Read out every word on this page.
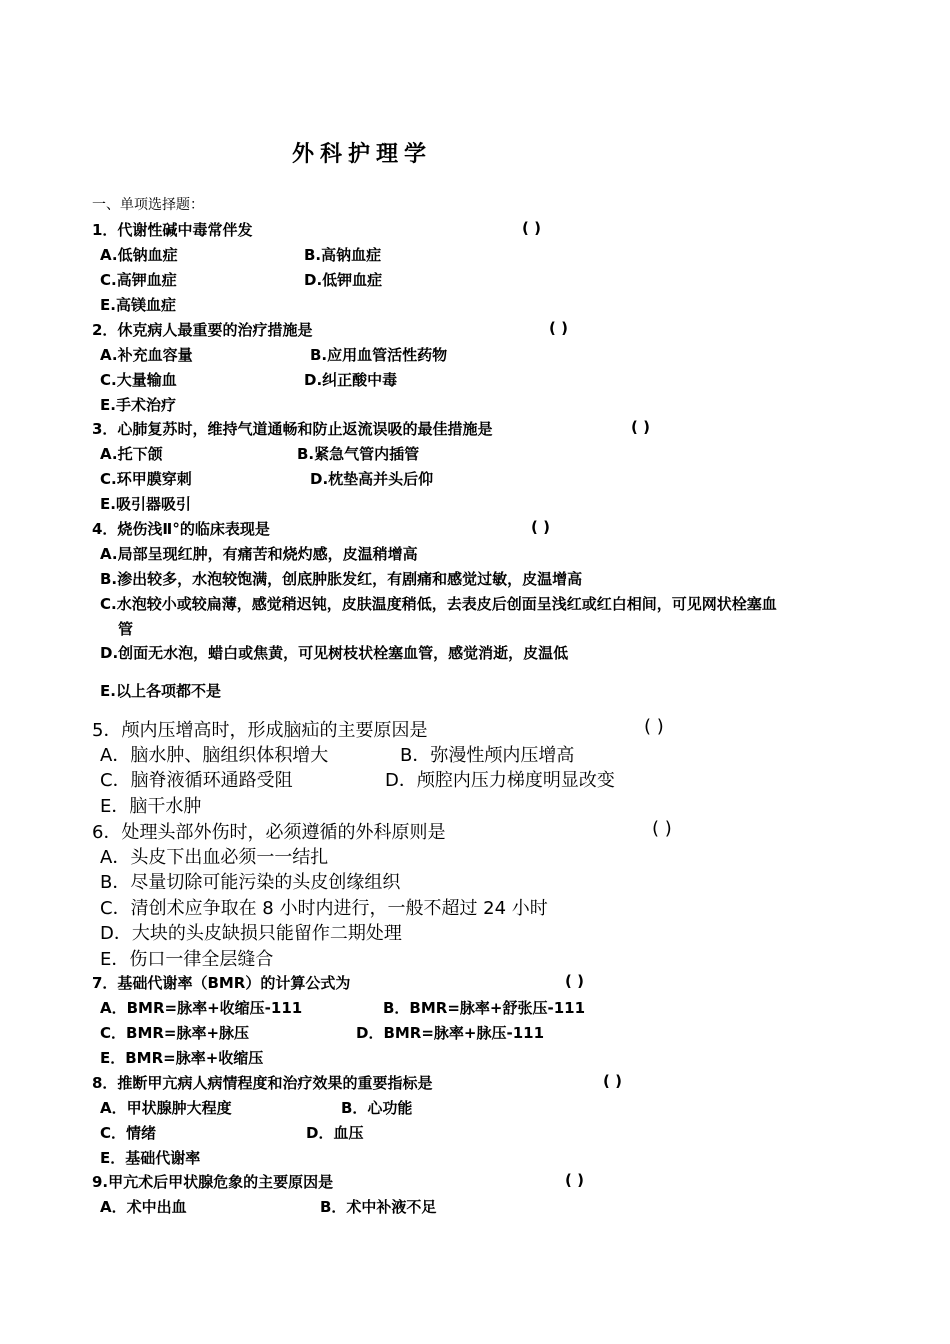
外科护理学
一、单项选择题：
1．代谢性碱中毒常伴发	( )
A.低钠血症	B.高钠血症
C.高钾血症	D.低钾血症
E.高镁血症
2．休克病人最重要的治疗措施是	( )
A.补充血容量	B.应用血管活性药物
C.大量输血	D.纠正酸中毒
E.手术治疗
3．心肺复苏时，维持气道通畅和防止返流误吸的最佳措施是	( )
A.托下颌	B.紧急气管内插管
C.环甲膜穿刺	D.枕垫高并头后仰
E.吸引器吸引
4．烧伤浅Ⅱ°的临床表现是	( )
A.局部呈现红肿，有痛苦和烧灼感，皮温稍增高
B.渗出较多，水泡较饱满，创底肿胀发红，有剧痛和感觉过敏，皮温增高
C.水泡较小或较扁薄，感觉稍迟钝，皮肤温度稍低，去表皮后创面呈浅红或红白相间，可见网状栓塞血
管
D.创面无水泡，蜡白或焦黄，可见树枝状栓塞血管，感觉消逝，皮温低
E.以上各项都不是
5．颅内压增高时，形成脑疝的主要原因是	( )
A．脑水肿、脑组织体积增大	B．弥漫性颅内压增高
C．脑脊液循环通路受阻	D．颅腔内压力梯度明显改变
E．脑干水肿
6．处理头部外伤时，必须遵循的外科原则是	( )
A．头皮下出血必须一一结扎
B．尽量切除可能污染的头皮创缘组织
C．清创术应争取在 8 小时内进行，一般不超过 24 小时
D．大块的头皮缺损只能留作二期处理
E．伤口一律全层缝合
7．基础代谢率（BMR）的计算公式为	( )
A．BMR=脉率+收缩压-111	B．BMR=脉率+舒张压-111
C．BMR=脉率+脉压	D．BMR=脉率+脉压-111
E．BMR=脉率+收缩压
8．推断甲亢病人病情程度和治疗效果的重要指标是	( )
A．甲状腺肿大程度	B．心功能
C．情绪	D．血压
E．基础代谢率
9.甲亢术后甲状腺危象的主要原因是	( )
A．术中出血	B．术中补液不足
